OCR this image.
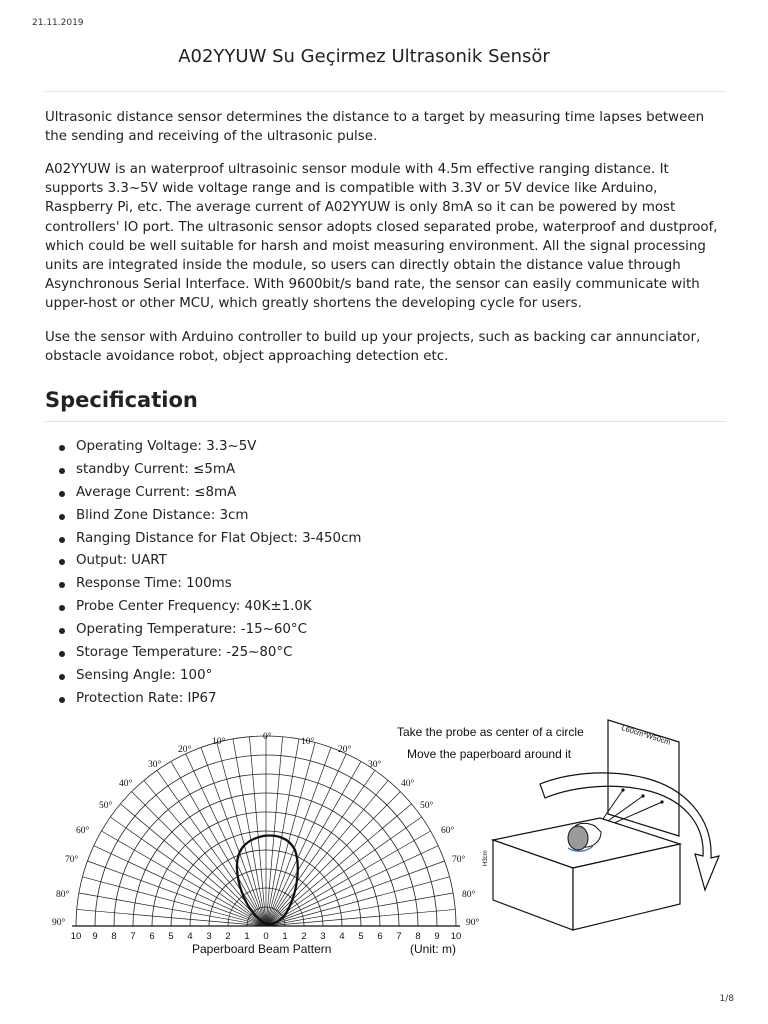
21.11.2019
A02YYUW Su Geçirmez Ultrasonik Sensör

Ultrasonic distance sensor determines the distance to a target by measuring time lapses between the sending and receiving of the ultrasonic pulse.

A02YYUW is an waterproof ultrasoinic sensor module with 4.5m effective ranging distance. It supports 3.3~5V wide voltage range and is compatible with 3.3V or 5V device like Arduino, Raspberry Pi, etc. The average current of A02YYUW is only 8mA so it can be powered by most controllers' IO port. The ultrasonic sensor adopts closed separated probe, waterproof and dustproof, which could be well suitable for harsh and moist measuring environment. All the signal processing units are integrated inside the module, so users can directly obtain the distance value through Asynchronous Serial Interface. With 9600bit/s band rate, the sensor can easily communicate with upper-host or other MCU, which greatly shortens the developing cycle for users.

Use the sensor with Arduino controller to build up your projects, such as backing car annunciator, obstacle avoidance robot, object approaching detection etc.

Specification
Operating Voltage: 3.3~5V
standby Current: ≤5mA
Average Current: ≤8mA
Blind Zone Distance: 3cm
Ranging Distance for Flat Object: 3-450cm
Output: UART
Response Time: 100ms
Probe Center Frequency: 40K±1.0K
Operating Temperature: -15~60°C
Storage Temperature: -25~80°C
Sensing Angle: 100°
Protection Rate: IP67
0°
10°	10°
20°	20°
30°	30°
40°	40°
50°	50°
60°	60°
70°	70°
80°	80°
90°	90°
10 9 8 7 6 5 4 3 2 1 0 1 2 3 4 5 6 7 8 9 10
Paperboard Beam Pattern	(Unit: m)
Take the probe as center of a circle
Move the paperboard around it
L60cm*W50cm
H3cm
1/8
